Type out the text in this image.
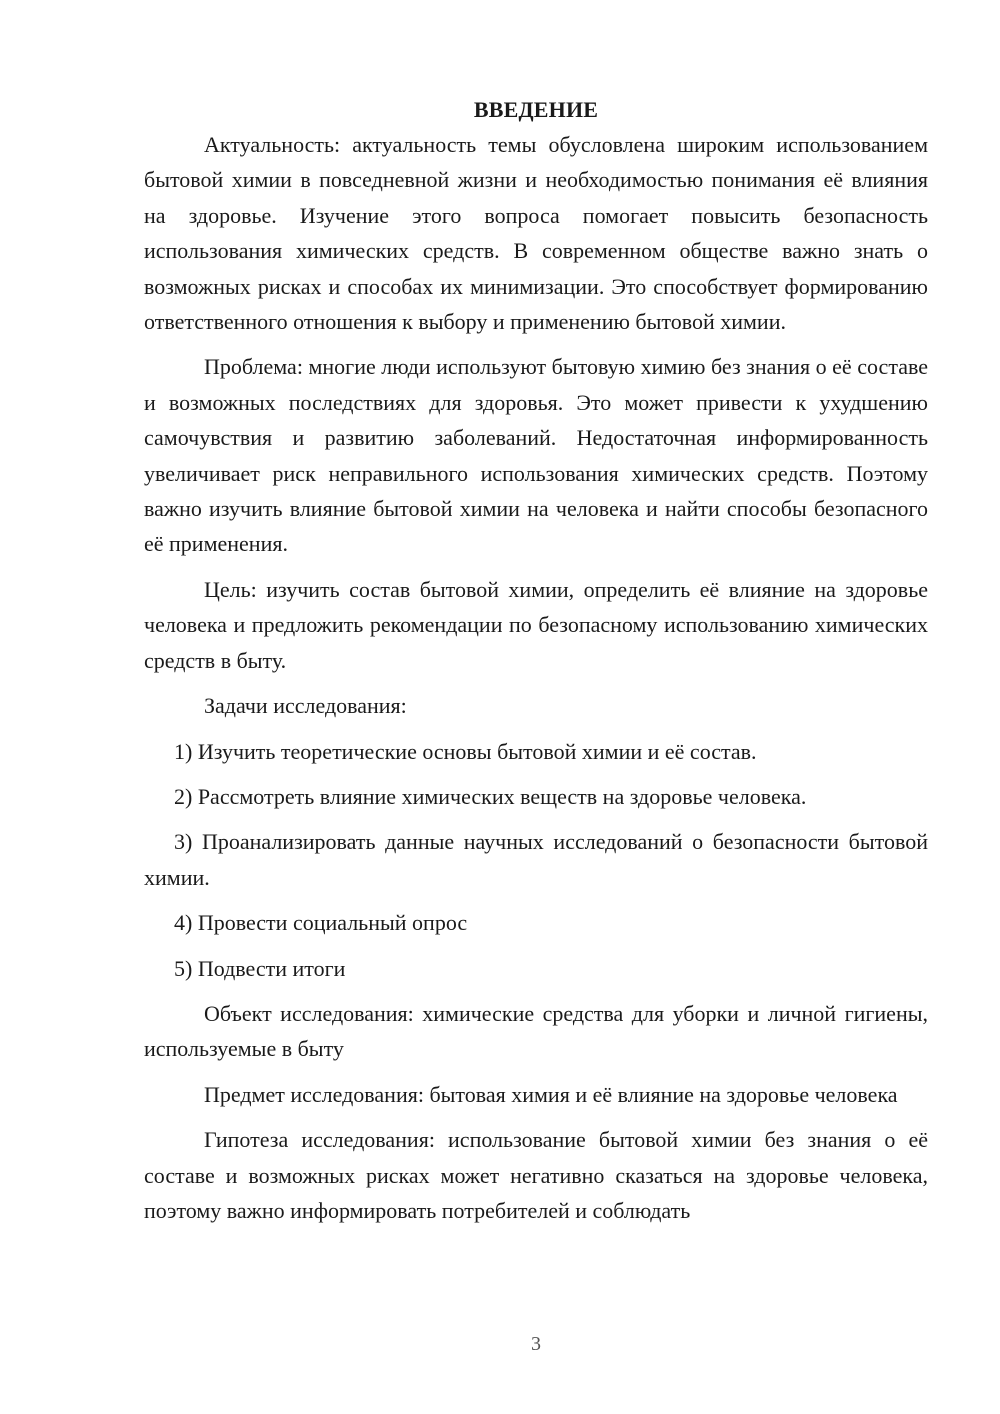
ВВЕДЕНИЕ

Актуальность: актуальность темы обусловлена широким использованием бытовой химии в повседневной жизни и необходимостью понимания её влияния на здоровье. Изучение этого вопроса помогает повысить безопасность использования химических средств. В современном обществе важно знать о возможных рисках и способах их минимизации. Это способствует формированию ответственного отношения к выбору и применению бытовой химии.

Проблема: многие люди используют бытовую химию без знания о её составе и возможных последствиях для здоровья. Это может привести к ухудшению самочувствия и развитию заболеваний. Недостаточная информированность увеличивает риск неправильного использования химических средств. Поэтому важно изучить влияние бытовой химии на человека и найти способы безопасного её применения.

Цель: изучить состав бытовой химии, определить её влияние на здоровье человека и предложить рекомендации по безопасному использованию химических средств в быту.

Задачи исследования:

1) Изучить теоретические основы бытовой химии и её состав.

2) Рассмотреть влияние химических веществ на здоровье человека.

3) Проанализировать данные научных исследований о безопасности бытовой химии.

4) Провести социальный опрос

5) Подвести итоги

Объект исследования: химические средства для уборки и личной гигиены, используемые в быту

Предмет исследования: бытовая химия и её влияние на здоровье человека

Гипотеза исследования: использование бытовой химии без знания о её составе и возможных рисках может негативно сказаться на здоровье человека, поэтому важно информировать потребителей и соблюдать

3
